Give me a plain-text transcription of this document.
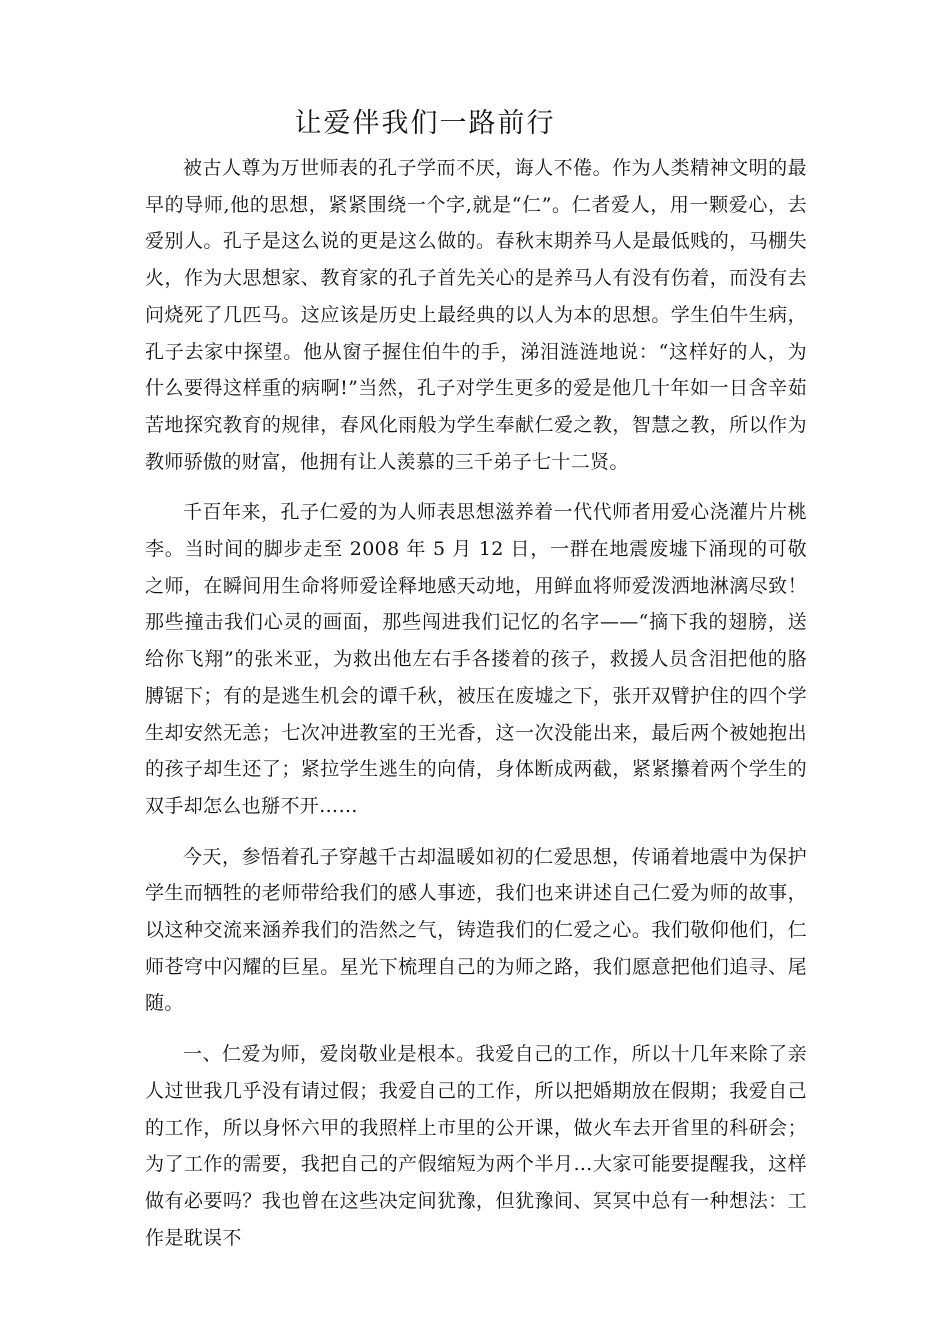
让爱伴我们一路前行

被古人尊为万世师表的孔子学而不厌，诲人不倦。作为人类精神文明的最早的导师,他的思想，紧紧围绕一个字,就是“仁”。仁者爱人，用一颗爱心，去爱别人。孔子是这么说的更是这么做的。春秋末期养马人是最低贱的，马棚失火，作为大思想家、教育家的孔子首先关心的是养马人有没有伤着，而没有去问烧死了几匹马。这应该是历史上最经典的以人为本的思想。学生伯牛生病，孔子去家中探望。他从窗子握住伯牛的手，涕泪涟涟地说：“这样好的人，为什么要得这样重的病啊!”当然，孔子对学生更多的爱是他几十年如一日含辛茹苦地探究教育的规律，春风化雨般为学生奉献仁爱之教，智慧之教，所以作为教师骄傲的财富，他拥有让人羡慕的三千弟子七十二贤。

千百年来，孔子仁爱的为人师表思想滋养着一代代师者用爱心浇灌片片桃李。当时间的脚步走至 2008 年 5 月 12 日，一群在地震废墟下涌现的可敬之师，在瞬间用生命将师爱诠释地感天动地，用鲜血将师爱泼洒地淋漓尽致！那些撞击我们心灵的画面，那些闯进我们记忆的名字——“摘下我的翅膀，送给你飞翔”的张米亚，为救出他左右手各搂着的孩子，救援人员含泪把他的胳膊锯下；有的是逃生机会的谭千秋，被压在废墟之下，张开双臂护住的四个学生却安然无恙；七次冲进教室的王光香，这一次没能出来，最后两个被她抱出的孩子却生还了；紧拉学生逃生的向倩，身体断成两截，紧紧攥着两个学生的双手却怎么也掰不开……

今天，参悟着孔子穿越千古却温暖如初的仁爱思想，传诵着地震中为保护学生而牺牲的老师带给我们的感人事迹，我们也来讲述自己仁爱为师的故事，以这种交流来涵养我们的浩然之气，铸造我们的仁爱之心。我们敬仰他们，仁师苍穹中闪耀的巨星。星光下梳理自己的为师之路，我们愿意把他们追寻、尾随。

一、仁爱为师，爱岗敬业是根本。我爱自己的工作，所以十几年来除了亲人过世我几乎没有请过假；我爱自己的工作，所以把婚期放在假期；我爱自己的工作，所以身怀六甲的我照样上市里的公开课，做火车去开省里的科研会；为了工作的需要，我把自己的产假缩短为两个半月…大家可能要提醒我，这样做有必要吗？我也曾在这些决定间犹豫，但犹豫间、冥冥中总有一种想法：工作是耽误不
